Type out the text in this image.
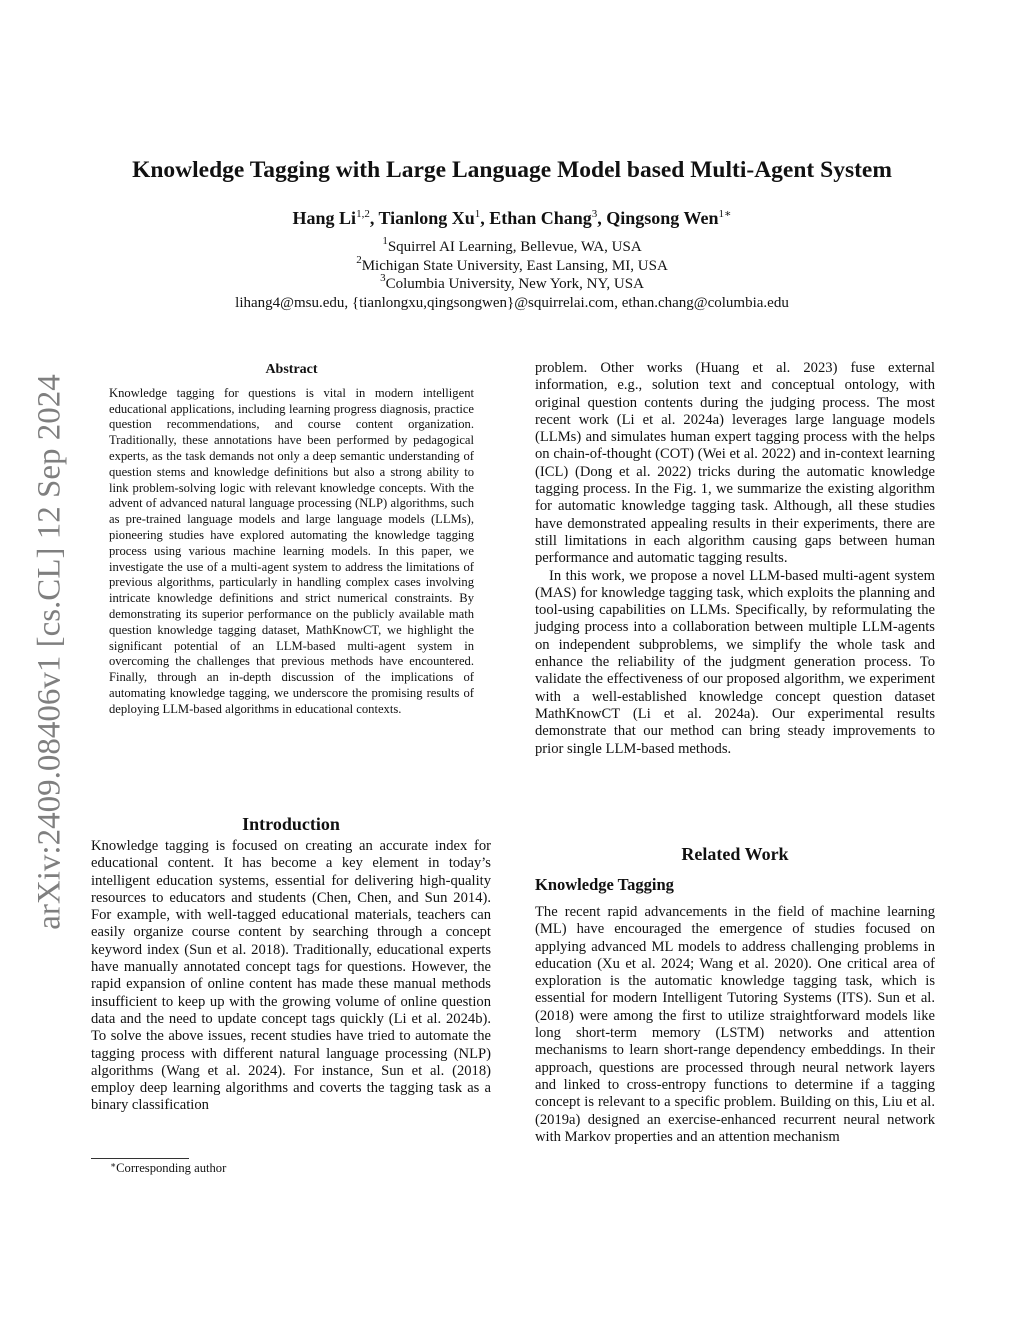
Knowledge Tagging with Large Language Model based Multi-Agent System
Hang Li$^{1,2}$, Tianlong Xu$^1$, Ethan Chang$^3$, Qingsong Wen$^{1∗}$
$^1$Squirrel AI Learning, Bellevue, WA, USA
$^2$Michigan State University, East Lansing, MI, USA
$^3$Columbia University, New York, NY, USA
lihang4@msu.edu, {tianlongxu,qingsongwen}@squirrelai.com, ethan.chang@columbia.edu
arXiv:2409.08406v1 [cs.CL] 12 Sep 2024

Abstract

Knowledge tagging for questions is vital in modern intelligent educational applications, including learning progress diagnosis, practice question recommendations, and course content organization. Traditionally, these annotations have been performed by pedagogical experts, as the task demands not only a deep semantic understanding of question stems and knowledge definitions but also a strong ability to link problem-solving logic with relevant knowledge concepts. With the advent of advanced natural language processing (NLP) algorithms, such as pre-trained language models and large language models (LLMs), pioneering studies have explored automating the knowledge tagging process using various machine learning models. In this paper, we investigate the use of a multi-agent system to address the limitations of previous algorithms, particularly in handling complex cases involving intricate knowledge definitions and strict numerical constraints. By demonstrating its superior performance on the publicly available math question knowledge tagging dataset, MathKnowCT, we highlight the significant potential of an LLM-based multi-agent system in overcoming the challenges that previous methods have encountered. Finally, through an in-depth discussion of the implications of automating knowledge tagging, we underscore the promising results of deploying LLM-based algorithms in educational contexts.

Introduction

Knowledge tagging is focused on creating an accurate index for educational content. It has become a key element in today’s intelligent education systems, essential for delivering high-quality resources to educators and students (Chen, Chen, and Sun 2014). For example, with well-tagged educational materials, teachers can easily organize course content by searching through a concept keyword index (Sun et al. 2018). Traditionally, educational experts have manually annotated concept tags for questions. However, the rapid expansion of online content has made these manual methods insufficient to keep up with the growing volume of online question data and the need to update concept tags quickly (Li et al. 2024b). To solve the above issues, recent studies have tried to automate the tagging process with different natural language processing (NLP) algorithms (Wang et al. 2024). For instance, Sun et al. (2018) employ deep learning algorithms and coverts the tagging task as a binary classification

problem. Other works (Huang et al. 2023) fuse external information, e.g., solution text and conceptual ontology, with original question contents during the judging process. The most recent work (Li et al. 2024a) leverages large language models (LLMs) and simulates human expert tagging process with the helps on chain-of-thought (COT) (Wei et al. 2022) and in-context learning (ICL) (Dong et al. 2022) tricks during the automatic knowledge tagging process. In the Fig. 1, we summarize the existing algorithm for automatic knowledge tagging task. Although, all these studies have demonstrated appealing results in their experiments, there are still limitations in each algorithm causing gaps between human performance and automatic tagging results.

In this work, we propose a novel LLM-based multi-agent system (MAS) for knowledge tagging task, which exploits the planning and tool-using capabilities on LLMs. Specifically, by reformulating the judging process into a collaboration between multiple LLM-agents on independent subproblems, we simplify the whole task and enhance the reliability of the judgment generation process. To validate the effectiveness of our proposed algorithm, we experiment with a well-established knowledge concept question dataset MathKnowCT (Li et al. 2024a). Our experimental results demonstrate that our method can bring steady improvements to prior single LLM-based methods.

Related Work
Knowledge Tagging

The recent rapid advancements in the field of machine learning (ML) have encouraged the emergence of studies focused on applying advanced ML models to address challenging problems in education (Xu et al. 2024; Wang et al. 2020). One critical area of exploration is the automatic knowledge tagging task, which is essential for modern Intelligent Tutoring Systems (ITS). Sun et al. (2018) were among the first to utilize straightforward models like long short-term memory (LSTM) networks and attention mechanisms to learn short-range dependency embeddings. In their approach, questions are processed through neural network layers and linked to cross-entropy functions to determine if a tagging concept is relevant to a specific problem. Building on this, Liu et al. (2019a) designed an exercise-enhanced recurrent neural network with Markov properties and an attention mechanism

∗Corresponding author
